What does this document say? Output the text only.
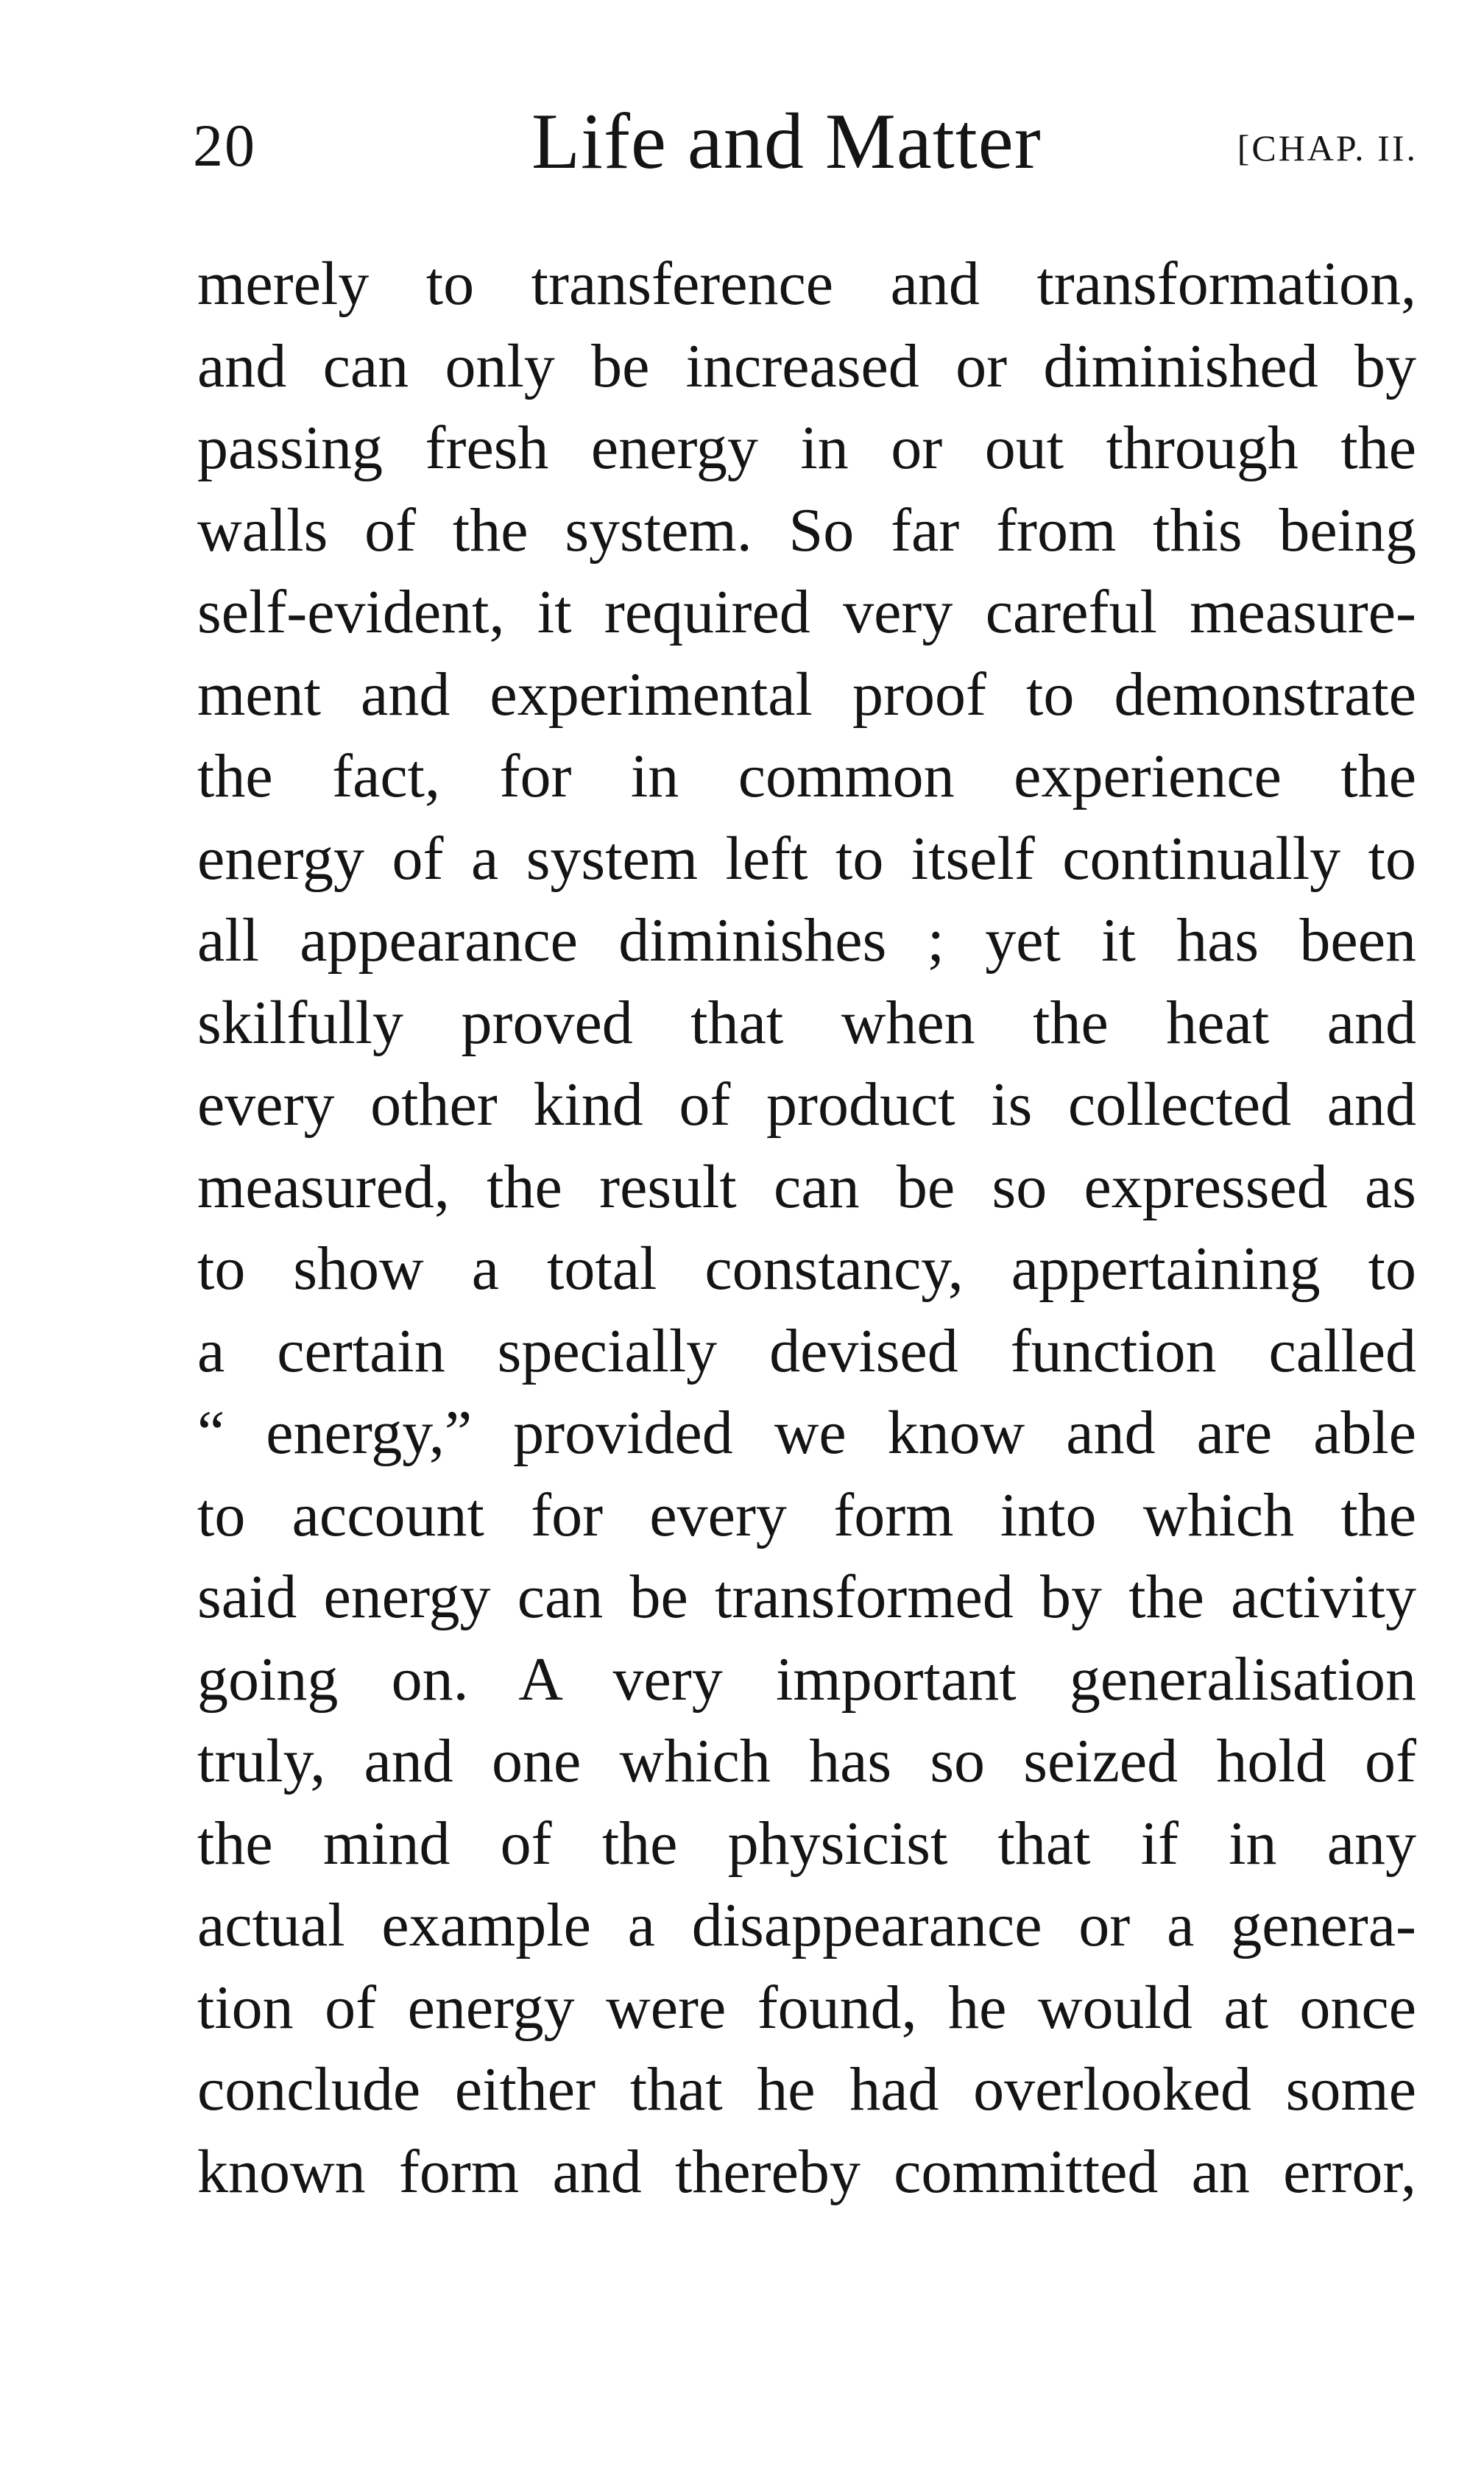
20	Life and Matter	[CHAP. II.
merely to transference and transformation,
and can only be increased or diminished by
passing fresh energy in or out through the
walls of the system. So far from this being
self-evident, it required very careful measure-
ment and experimental proof to demonstrate
the fact, for in common experience the
energy of a system left to itself continually to
all appearance diminishes ; yet it has been
skilfully proved that when the heat and
every other kind of product is collected and
measured, the result can be so expressed as
to show a total constancy, appertaining to
a certain specially devised function called
“ energy,” provided we know and are able
to account for every form into which the
said energy can be transformed by the activity
going on. A very important generalisation
truly, and one which has so seized hold of
the mind of the physicist that if in any
actual example a disappearance or a genera-
tion of energy were found, he would at once
conclude either that he had overlooked some
known form and thereby committed an error,
